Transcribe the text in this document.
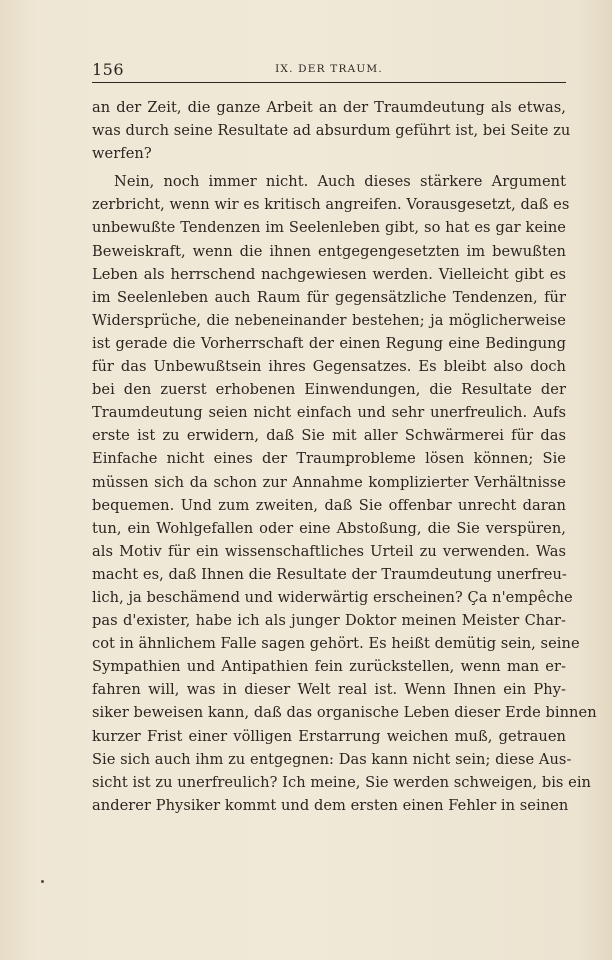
156	IX. DER TRAUM.
an der Zeit, die ganze Arbeit an der Traumdeutung als etwas,
was durch seine Resultate ad absurdum geführt ist, bei Seite zu
werfen?
Nein, noch immer nicht. Auch dieses stärkere Argument
zerbricht, wenn wir es kritisch angreifen. Vorausgesetzt, daß es
unbewußte Tendenzen im Seelenleben gibt, so hat es gar keine
Beweiskraft, wenn die ihnen entgegengesetzten im bewußten
Leben als herrschend nachgewiesen werden. Vielleicht gibt es
im Seelenleben auch Raum für gegensätzliche Tendenzen, für
Widersprüche, die nebeneinander bestehen; ja möglicherweise
ist gerade die Vorherrschaft der einen Regung eine Bedingung
für das Unbewußtsein ihres Gegensatzes. Es bleibt also doch
bei den zuerst erhobenen Einwendungen, die Resultate der
Traumdeutung seien nicht einfach und sehr unerfreulich. Aufs
erste ist zu erwidern, daß Sie mit aller Schwärmerei für das
Einfache nicht eines der Traumprobleme lösen können; Sie
müssen sich da schon zur Annahme komplizierter Verhältnisse
bequemen. Und zum zweiten, daß Sie offenbar unrecht daran
tun, ein Wohlgefallen oder eine Abstoßung, die Sie verspüren,
als Motiv für ein wissenschaftliches Urteil zu verwenden. Was
macht es, daß Ihnen die Resultate der Traumdeutung unerfreu-
lich, ja beschämend und widerwärtig erscheinen? Ça n'empêche
pas d'exister, habe ich als junger Doktor meinen Meister Char-
cot in ähnlichem Falle sagen gehört. Es heißt demütig sein, seine
Sympathien und Antipathien fein zurückstellen, wenn man er-
fahren will, was in dieser Welt real ist. Wenn Ihnen ein Phy-
siker beweisen kann, daß das organische Leben dieser Erde binnen
kurzer Frist einer völligen Erstarrung weichen muß, getrauen
Sie sich auch ihm zu entgegnen: Das kann nicht sein; diese Aus-
sicht ist zu unerfreulich? Ich meine, Sie werden schweigen, bis ein
anderer Physiker kommt und dem ersten einen Fehler in seinen
